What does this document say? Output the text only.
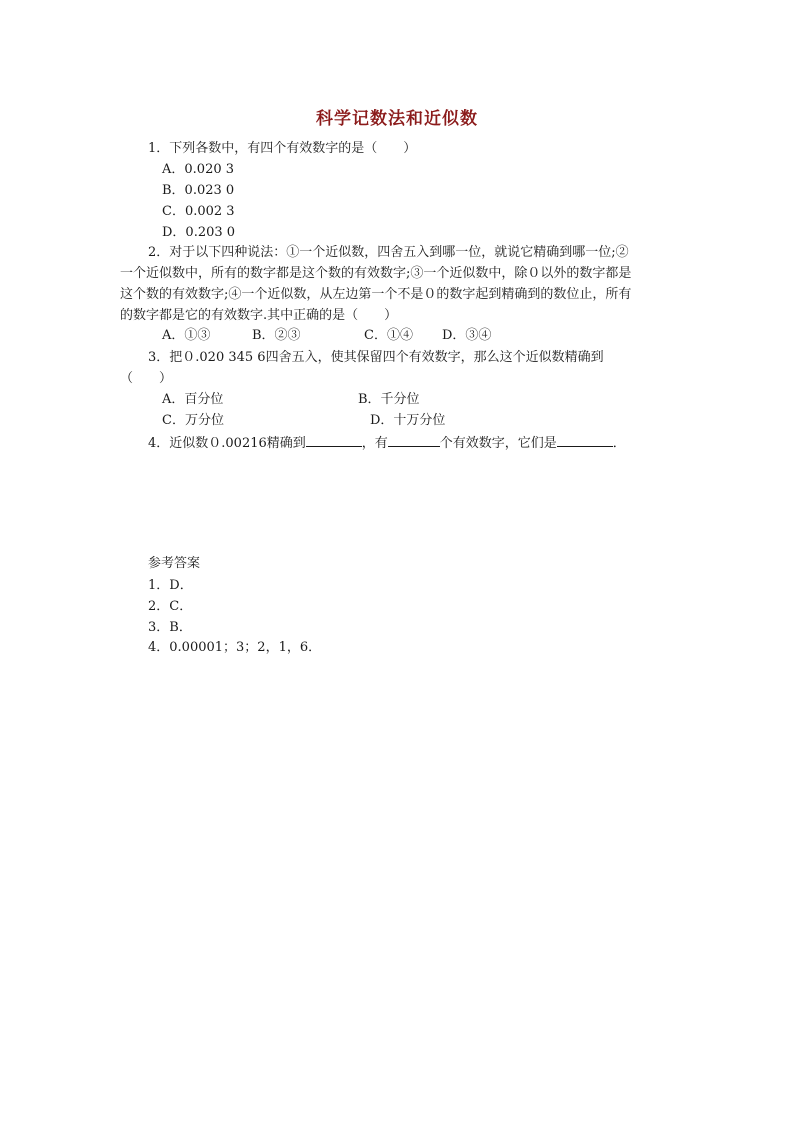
科学记数法和近似数
1．下列各数中，有四个有效数字的是（　　）
A．0.020 3
B．0.023 0
C．0.002 3
D．0.203 0
2．对于以下四种说法：①一个近似数，四舍五入到哪一位，就说它精确到哪一位;②
一个近似数中，所有的数字都是这个数的有效数字;③一个近似数中，除０以外的数字都是
这个数的有效数字;④一个近似数，从左边第一个不是０的数字起到精确到的数位止，所有
的数字都是它的有效数字.其中正确的是（　　）
A．①③	B．②③	C．①④ D．③④
3．把０.020 345 6四舍五入，使其保留四个有效数字，那么这个近似数精确到
（　　）
A．百分位	B．千分位
C．万分位	D．十万分位
4．近似数０.00216精确到	，有	个有效数字，它们是	．
参考答案
1．D．
2．C．
3．B．
4．0.00001；3；2，1，6．
